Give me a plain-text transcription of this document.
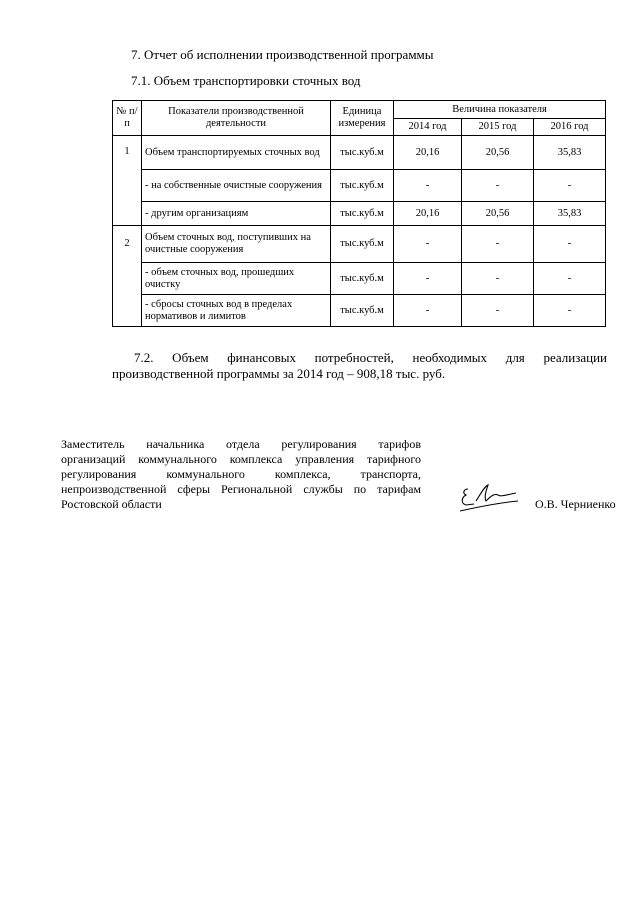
7. Отчет об исполнении производственной программы
7.1. Объем транспортировки сточных вод
№ п/п	Показатели производственной деятельности	Единица измерения	Величина показателя		
			2014 год	2015 год	2016 год
1	Объем транспортируемых сточных вод	тыс.куб.м	20,16	20,56	35,83
	- на собственные очистные сооружения	тыс.куб.м	-	-	-
	- другим организациям	тыс.куб.м	20,16	20,56	35,83
2	Объем сточных вод, поступивших на очистные сооружения	тыс.куб.м	-	-	-
	- объем сточных вод, прошедших очистку	тыс.куб.м	-	-	-
	- сбросы сточных вод в пределах нормативов и лимитов	тыс.куб.м	-	-	-
7.2. Объем финансовых потребностей, необходимых для реализации
производственной программы за 2014 год – 908,18 тыс. руб.
Заместитель начальника отдела регулирования тарифов
организаций коммунального комплекса управления тарифного
регулирования коммунального комплекса, транспорта,
непроизводственной сферы Региональной службы по тарифам
Ростовской области	О.В. Черниенко
